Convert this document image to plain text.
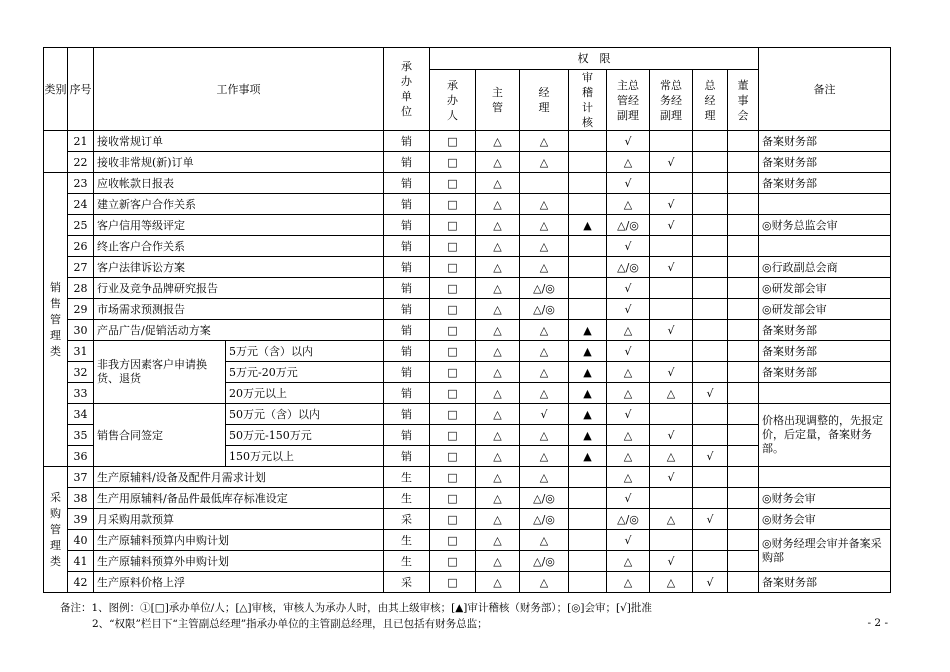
类别	序号	工作事项		承办单位	权　限								备注
					承办人	主管	经理	审稽计核	主总管经副理	常总务经副理	总经理	董事会	
	21	接收常规订单		销	□	△	△		√				备案财务部
	22	接收非常规(新)订单		销	□	△	△		△	√			备案财务部

销售管理类	23	应收帐款日报表		销	□	△			√				备案财务部
	24	建立新客户合作关系		销	□	△	△		△	√			
	25	客户信用等级评定		销	□	△	△	▲	△/◎	√			◎财务总监会审
	26	终止客户合作关系		销	□	△	△		√				
	27	客户法律诉讼方案		销	□	△	△		△/◎	√			◎行政副总会商
	28	行业及竞争品牌研究报告		销	□	△	△/◎		√				◎研发部会审
	29	市场需求预测报告		销	□	△	△/◎		√				◎研发部会审
	30	产品广告/促销活动方案		销	□	△	△	▲	△	√			备案财务部
	31	非我方因素客户申请换货、退货	5万元（含）以内	销	□	△	△	▲	√				备案财务部
	32		5万元-20万元	销	□	△	△	▲	△	√			备案财务部
	33		20万元以上	销	□	△	△	▲	△	△	√		
	34	销售合同签定	50万元（含）以内	销	□	△	√	▲	√				价格出现调整的，先报定价，后定量，备案财务部。
	35		50万元-150万元	销	□	△	△	▲	△	√			
	36		150万元以上	销	□	△	△	▲	△	△	√		

采购管理类	37	生产原辅料/设备及配件月需求计划		生	□	△	△		△	√			
	38	生产用原辅料/备品件最低库存标准设定		生	□	△	△/◎		√				◎财务会审
	39	月采购用款预算		采	□	△	△/◎		△/◎	△	√		◎财务会审
	40	生产原辅料预算内申购计划		生	□	△	△		√				◎财务经理会审并备案采购部
	41	生产原辅料预算外申购计划		生	□	△	△/◎		△	√			
	42	生产原料价格上浮		采	□	△	△		△	△	√		备案财务部
备注：1、图例：①[□]承办单位/人；[△]审核，审核人为承办人时，由其上级审核；[▲]审计稽核（财务部）；[◎]会审；[√]批准
2、“权限”栏目下“主管副总经理”指承办单位的主管副总经理，且已包括有财务总监；	- 2 -
